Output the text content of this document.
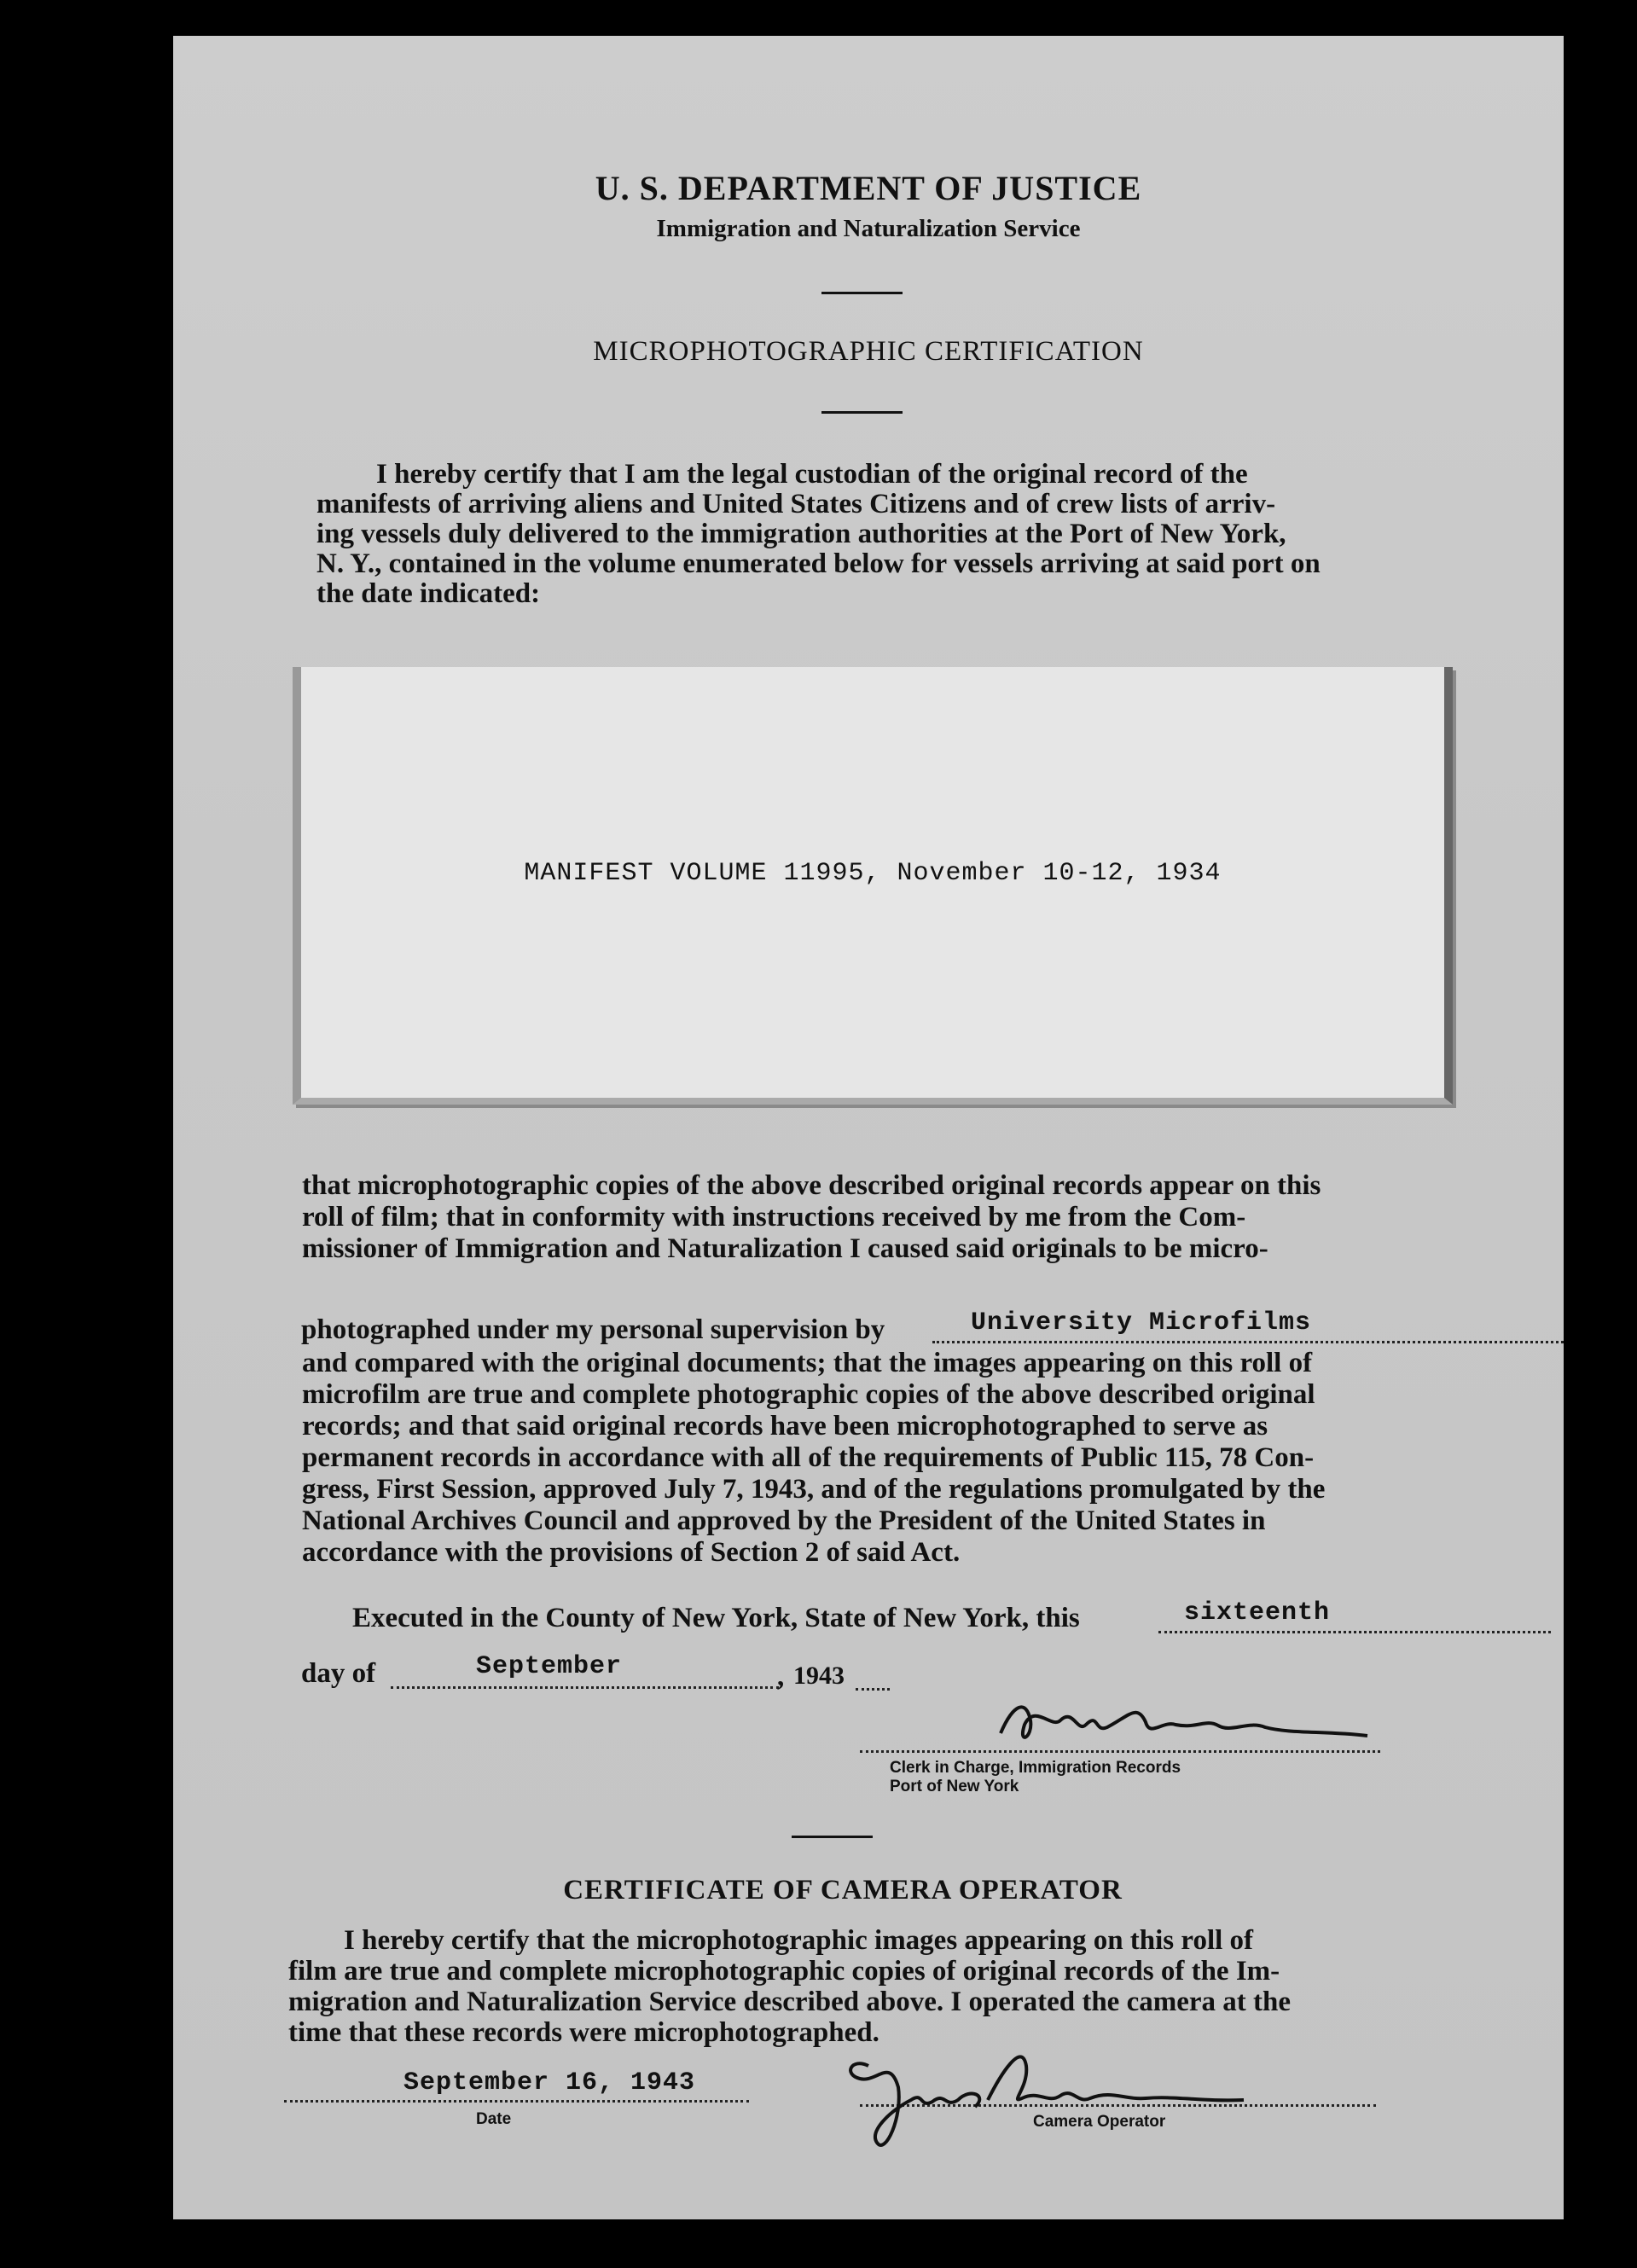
U. S. DEPARTMENT OF JUSTICE
Immigration and Naturalization Service
MICROPHOTOGRAPHIC CERTIFICATION

I hereby certify that I am the legal custodian of the original record of the

manifests of arriving aliens and United States Citizens and of crew lists of arriv-

ing vessels duly delivered to the immigration authorities at the Port of New York,

N. Y., contained in the volume enumerated below for vessels arriving at said port on

the date indicated:

MANIFEST VOLUME 11995, November 10-12, 1934

that microphotographic copies of the above described original records appear on this

roll of film; that in conformity with instructions received by me from the Com-

missioner of Immigration and Naturalization I caused said originals to be micro-

photographed under my personal supervision by	University Microfilms

and compared with the original documents; that the images appearing on this roll of

microfilm are true and complete photographic copies of the above described original

records; and that said original records have been microphotographed to serve as

permanent records in accordance with all of the requirements of Public 115, 78 Con-

gress, First Session, approved July 7, 1943, and of the regulations promulgated by the

National Archives Council and approved by the President of the United States in

accordance with the provisions of Section 2 of said Act.

Executed in the County of New York, State of New York, this	sixteenth
day of	September	, 1943
Clerk in Charge, Immigration Records
Port of New York
CERTIFICATE OF CAMERA OPERATOR

I hereby certify that the microphotographic images appearing on this roll of

film are true and complete microphotographic copies of original records of the Im-

migration and Naturalization Service described above. I operated the camera at the

time that these records were microphotographed.

September 16, 1943
Date	Camera Operator
